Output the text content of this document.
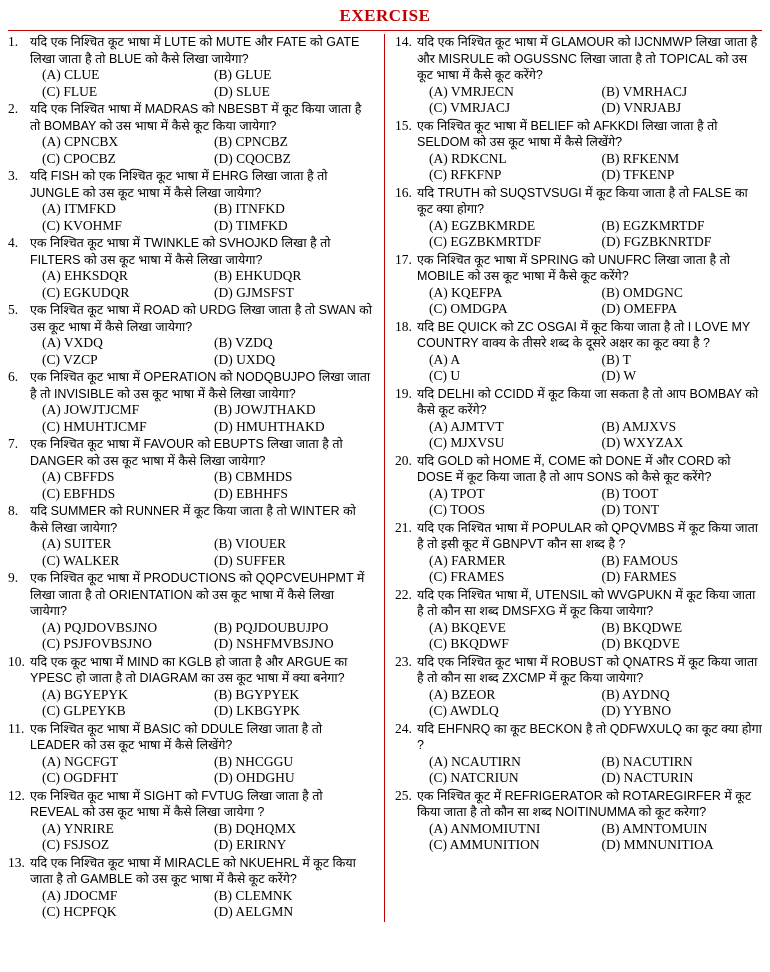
EXERCISE
1. यदि एक निश्चित कूट भाषा में LUTE को MUTE और FATE को GATE लिखा जाता है तो BLUE को कैसे लिखा जायेगा?
(A) CLUE	(B) GLUE
(C) FLUE	(D) SLUE
2. यदि एक निश्चित भाषा में MADRAS को NBESBT में कूट किया जाता है तो BOMBAY को उस भाषा में कैसे कूट किया जायेगा?
(A) CPNCBX	(B) CPNCBZ
(C) CPOCBZ	(D) CQOCBZ
3. यदि FISH को एक निश्चित कूट भाषा में EHRG लिखा जाता है तो JUNGLE को उस कूट भाषा में कैसे लिखा जायेगा?
(A) ITMFKD	(B) ITNFKD
(C) KVOHMF	(D) TIMFKD
4. एक निश्चित कूट भाषा में TWINKLE को SVHOJKD लिखा है तो FILTERS को उस कूट भाषा में कैसे लिखा जायेगा?
(A) EHKSDQR	(B) EHKUDQR
(C) EGKUDQR	(D) GJMSFST
5. एक निश्चित कूट भाषा में ROAD को URDG लिखा जाता है तो SWAN को उस कूट भाषा में कैसे लिखा जायेगा?
(A) VXDQ	(B) VZDQ
(C) VZCP	(D) UXDQ
6. एक निश्चित कूट भाषा में OPERATION को NODQBUJPO लिखा जाता है तो INVISIBLE को उस कूट भाषा में कैसे लिखा जायेगा?
(A) JOWJTJCMF	(B) JOWJTHAKD
(C) HMUHTJCMF	(D) HMUHTHAKD
7. एक निश्चित कूट भाषा में FAVOUR को EBUPTS लिखा जाता है तो DANGER को उस कूट भाषा में कैसे लिखा जायेगा?
(A) CBFFDS	(B) CBMHDS
(C) EBFHDS	(D) EBHHFS
8. यदि SUMMER को RUNNER में कूट किया जाता है तो WINTER को कैसे लिखा जायेगा?
(A) SUITER	(B) VIOUER
(C) WALKER	(D) SUFFER
9. एक निश्चित कूट भाषा में PRODUCTIONS को QQPCVEUHPMT में लिखा जाता है तो ORIENTATION को उस कूट भाषा में कैसे लिखा जायेगा?
(A) PQJDOVBSJNO	(B) PQJDOUBUJPO
(C) PSJFOVBSJNO	(D) NSHFMVBSJNO
10. यदि एक कूट भाषा में MIND का KGLB हो जाता है और ARGUE का YPESC हो जाता है तो DIAGRAM का उस कूट भाषा में क्या बनेगा?
(A) BGYEPYK	(B) BGYPYEK
(C) GLPEYKB	(D) LKBGYPK
11. एक निश्चित कूट भाषा में BASIC को DDULE लिखा जाता है तो LEADER को उस कूट भाषा में कैसे लिखेंगे?
(A) NGCFGT	(B) NHCGGU
(C) OGDFHT	(D) OHDGHU
12. एक निश्चित कूट भाषा में SIGHT को FVTUG लिखा जाता है तो REVEAL को उस कूट भाषा में कैसे लिखा जायेगा ?
(A) YNRIRE	(B) DQHQMX
(C) FSJSOZ	(D) ERIRNY
13. यदि एक निश्चित कूट भाषा में MIRACLE को NKUEHRL में कूट किया जाता है तो GAMBLE को उस कूट भाषा में कैसे कूट करेंगे?
(A) JDOCMF	(B) CLEMNK
(C) HCPFQK	(D) AELGMN
14. यदि एक निश्चित कूट भाषा में GLAMOUR को IJCNMWP लिखा जाता है और MISRULE को OGUSSNC लिखा जाता है तो TOPICAL को उस कूट भाषा में कैसे कूट करेंगे?
(A) VMRJECN	(B) VMRHACJ
(C) VMRJACJ	(D) VNRJABJ
15. एक निश्चित कूट भाषा में BELIEF को AFKKDI लिखा जाता है तो SELDOM को उस कूट भाषा में कैसे लिखेंगे?
(A) RDKCNL	(B) RFKENM
(C) RFKFNP	(D) TFKENP
16. यदि TRUTH को SUQSTVSUGI में कूट किया जाता है तो FALSE का कूट क्या होगा?
(A) EGZBKMRDE	(B) EGZKMRTDF
(C) EGZBKMRTDF	(D) FGZBKNRTDF
17. एक निश्चित कूट भाषा में SPRING को UNUFRC लिखा जाता है तो MOBILE को उस कूट भाषा में कैसे कूट करेंगे?
(A) KQEFPA	(B) OMDGNC
(C) OMDGPA	(D) OMEFPA
18. यदि BE QUICK को ZC OSGAI में कूट किया जाता है तो I LOVE MY COUNTRY वाक्य के तीसरे शब्द के दूसरे अक्षर का कूट क्या है ?
(A) A	(B) T
(C) U	(D) W
19. यदि DELHI को CCIDD में कूट किया जा सकता है तो आप BOMBAY को कैसे कूट करेंगे?
(A) AJMTVT	(B) AMJXVS
(C) MJXVSU	(D) WXYZAX
20. यदि GOLD को HOME में, COME को DONE में और CORD को DOSE में कूट किया जाता है तो आप SONS को कैसे कूट करेंगे?
(A) TPOT	(B) TOOT
(C) TOOS	(D) TONT
21. यदि एक निश्चित भाषा में POPULAR को QPQVMBS में कूट किया जाता है तो इसी कूट में GBNPVT कौन सा शब्द है ?
(A) FARMER	(B) FAMOUS
(C) FRAMES	(D) FARMES
22. यदि एक निश्चित भाषा में, UTENSIL को WVGPUKN में कूट किया जाता है तो कौन सा शब्द DMSFXG में कूट किया जायेगा?
(A) BKQEVE	(B) BKQDWE
(C) BKQDWF	(D) BKQDVE
23. यदि एक निश्चित कूट भाषा में ROBUST को QNATRS में कूट किया जाता है तो कौन सा शब्द ZXCMP में कूट किया जायेगा?
(A) BZEOR	(B) AYDNQ
(C) AWDLQ	(D) YYBNO
24. यदि EHFNRQ का कूट BECKON है तो QDFWXULQ का कूट क्या होगा ?
(A) NCAUTIRN	(B) NACUTIRN
(C) NATCRIUN	(D) NACTURIN
25. एक निश्चित कूट में REFRIGERATOR को ROTAREGIRFER में कूट किया जाता है तो कौन सा शब्द NOITINUMMA को कूट करेगा?
(A) ANMOMIUTNI	(B) AMNTOMUIN
(C) AMMUNITION	(D) MMNUNITIOA
